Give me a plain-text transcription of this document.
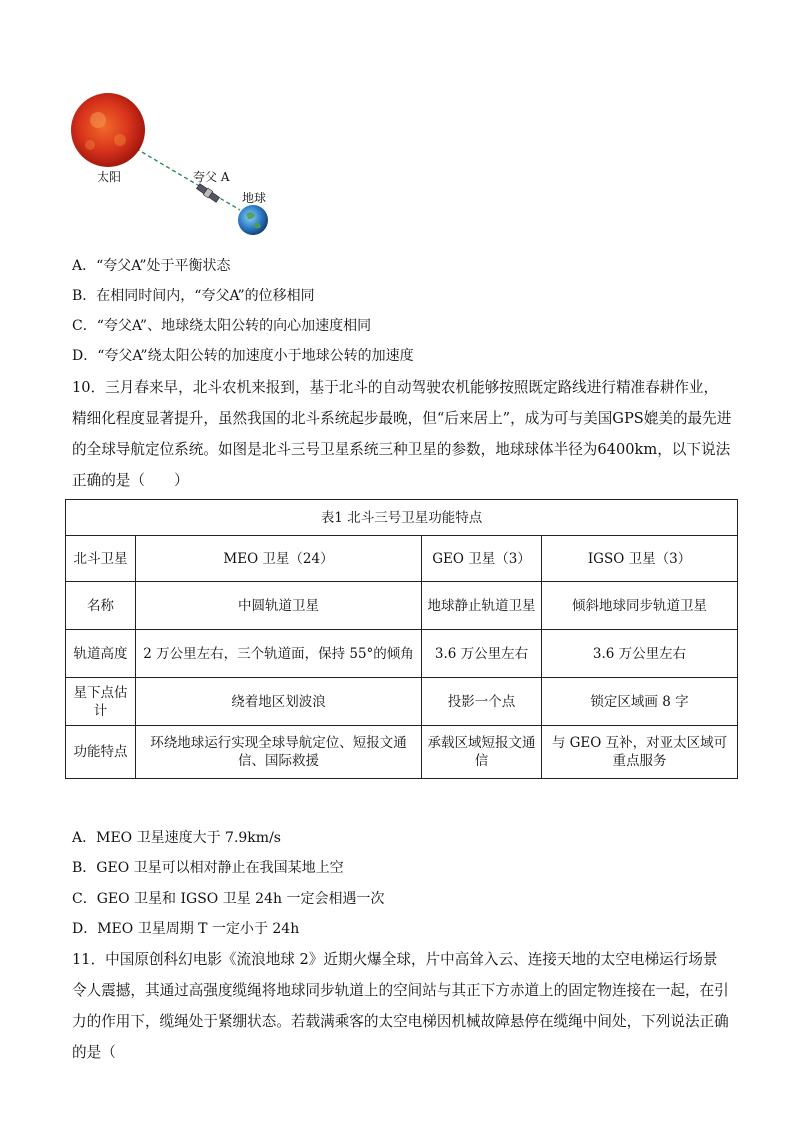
太阳	夸父 A
地球
A．“夸父A”处于平衡状态
B．在相同时间内，“夸父A”的位移相同
C．“夸父A”、地球绕太阳公转的向心加速度相同
D．“夸父A”绕太阳公转的加速度小于地球公转的加速度
10．三月春来早，北斗农机来报到，基于北斗的自动驾驶农机能够按照既定路线进行精准春耕作业，精细化程度显著提升，虽然我国的北斗系统起步最晚，但“后来居上”，成为可与美国GPS媲美的最先进的全球导航定位系统。如图是北斗三号卫星系统三种卫星的参数，地球球体半径为6400km，以下说法正确的是（　　）
表1 北斗三号卫星功能特点			
北斗卫星	MEO 卫星（24）	GEO 卫星（3）	IGSO 卫星（3）
名称	中圆轨道卫星	地球静止轨道卫星	倾斜地球同步轨道卫星
轨道高度	2 万公里左右，三个轨道面，保持 55°的倾角	3.6 万公里左右	3.6 万公里左右
星下点估计	绕着地区划波浪	投影一个点	锁定区域画 8 字
功能特点	环绕地球运行实现全球导航定位、短报文通信、国际救援	承载区域短报文通信	与 GEO 互补，对亚太区域可重点服务
A．MEO 卫星速度大于 7.9km/s
B．GEO 卫星可以相对静止在我国某地上空
C．GEO 卫星和 IGSO 卫星 24h 一定会相遇一次
D．MEO 卫星周期 T 一定小于 24h
11．中国原创科幻电影《流浪地球 2》近期火爆全球，片中高耸入云、连接天地的太空电梯运行场景令人震撼，其通过高强度缆绳将地球同步轨道上的空间站与其正下方赤道上的固定物连接在一起，在引力的作用下，缆绳处于紧绷状态。若载满乘客的太空电梯因机械故障悬停在缆绳中间处，下列说法正确的是（
